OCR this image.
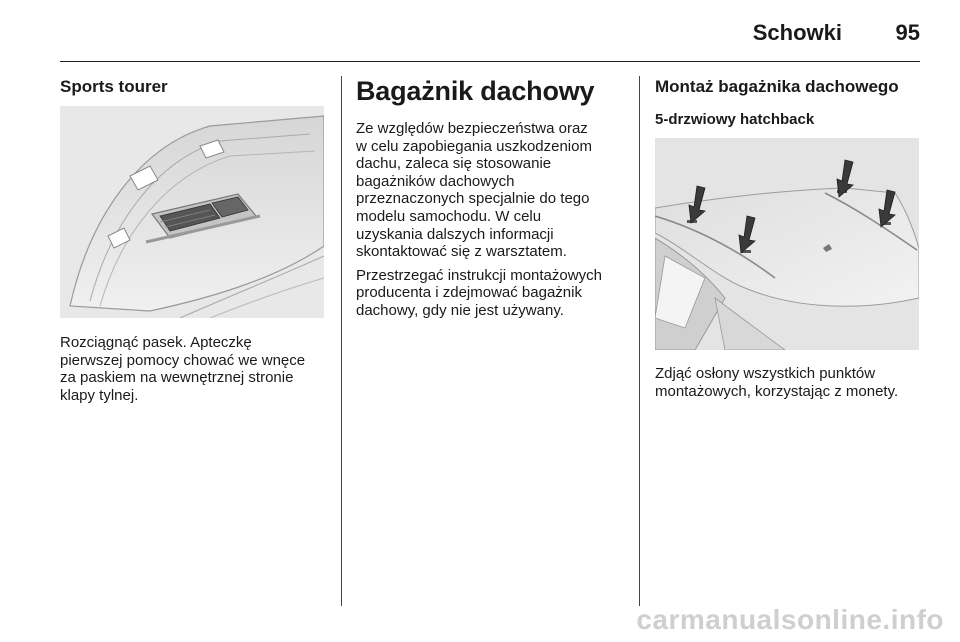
Schowki 95
Sports tourer

Rozciągnąć pasek. Apteczkę

pierwszej pomocy chować we wnęce

za paskiem na wewnętrznej stronie

klapy tylnej.

Bagażnik dachowy

Ze względów bezpieczeństwa oraz

w celu zapobiegania uszkodzeniom

dachu, zaleca się stosowanie

bagażników dachowych

przeznaczonych specjalnie do tego

modelu samochodu. W celu

uzyskania dalszych informacji

skontaktować się z warsztatem.

Przestrzegać instrukcji montażowych

producenta i zdejmować bagażnik

dachowy, gdy nie jest używany.

Montaż bagażnika dachowego
5-drzwiowy hatchback

Zdjąć osłony wszystkich punktów

montażowych, korzystając z monety.

carmanualsonline.info
